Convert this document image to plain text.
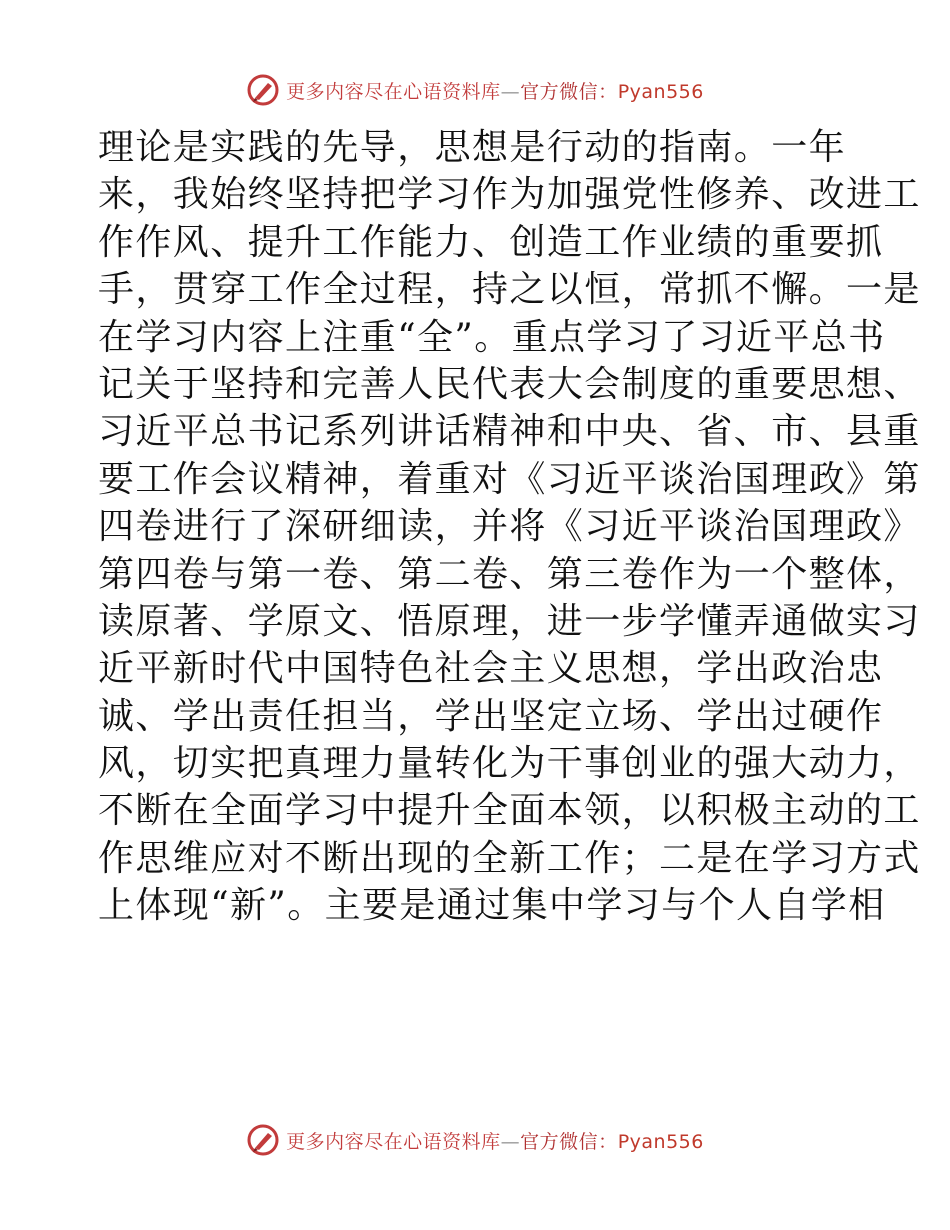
更多内容尽在心语资料库—官方微信：Pyan556
理论是实践的先导，思想是行动的指南。一年
来，我始终坚持把学习作为加强党性修养、改进工
作作风、提升工作能力、创造工作业绩的重要抓
手，贯穿工作全过程，持之以恒，常抓不懈。一是
在学习内容上注重“全”。重点学习了习近平总书
记关于坚持和完善人民代表大会制度的重要思想、
习近平总书记系列讲话精神和中央、省、市、县重
要工作会议精神，着重对《习近平谈治国理政》第
四卷进行了深研细读，并将《习近平谈治国理政》
第四卷与第一卷、第二卷、第三卷作为一个整体，
读原著、学原文、悟原理，进一步学懂弄通做实习
近平新时代中国特色社会主义思想，学出政治忠
诚、学出责任担当，学出坚定立场、学出过硬作
风，切实把真理力量转化为干事创业的强大动力，
不断在全面学习中提升全面本领，以积极主动的工
作思维应对不断出现的全新工作；二是在学习方式
上体现“新”。主要是通过集中学习与个人自学相
更多内容尽在心语资料库—官方微信：Pyan556
